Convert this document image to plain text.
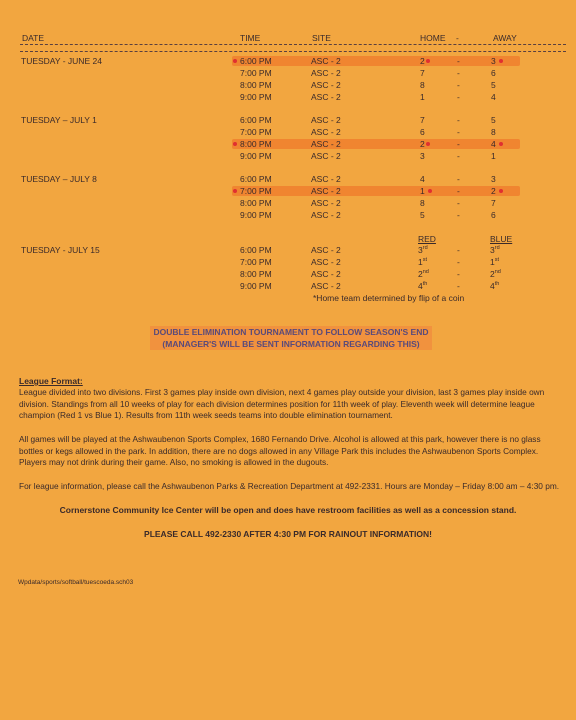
DATE	TIME	SITE	HOME -	AWAY
TUESDAY - JUNE 24	6:00 PM	ASC - 2	2	-	3
7:00 PM	ASC - 2	7	-	6
8:00 PM	ASC - 2	8	-	5
9:00 PM	ASC - 2	1	-	4
TUESDAY – JULY 1	6:00 PM	ASC - 2	7	-	5
7:00 PM	ASC - 2	6	-	8
8:00 PM	ASC - 2	2	-	4
9:00 PM	ASC - 2	3	-	1
TUESDAY – JULY 8	6:00 PM	ASC - 2	4	-	3
7:00 PM	ASC - 2	1	-	2
8:00 PM	ASC - 2	8	-	7
9:00 PM	ASC - 2	5	-	6
RED	BLUE
TUESDAY - JULY 15	6:00 PM	ASC - 2	3rd	-	3rd
7:00 PM	ASC - 2	1st	-	1st
8:00 PM	ASC - 2	2nd	-	2nd
9:00 PM	ASC - 2	4th	-	4th
*Home team determined by flip of a coin
DOUBLE ELIMINATION TOURNAMENT TO FOLLOW SEASON'S END
(MANAGER'S WILL BE SENT INFORMATION REGARDING THIS)
League Format:
League divided into two divisions. First 3 games play inside own division, next 4 games play outside your division, last 3 games play inside own division. Standings from all 10 weeks of play for each division determines position for 11th week of play. Eleventh week will determine league champion (Red 1 vs Blue 1). Results from 11th week seeds teams into double elimination tournament.
All games will be played at the Ashwaubenon Sports Complex, 1680 Fernando Drive. Alcohol is allowed at this park, however there is no glass bottles or kegs allowed in the park. In addition, there are no dogs allowed in any Village Park this includes the Ashwaubenon Sports Complex. Players may not drink during their game. Also, no smoking is allowed in the dugouts.
For league information, please call the Ashwaubenon Parks & Recreation Department at 492-2331. Hours are Monday – Friday 8:00 am – 4:30 pm.
Cornerstone Community Ice Center will be open and does have restroom facilities as well as a concession stand.
PLEASE CALL 492-2330 AFTER 4:30 PM FOR RAINOUT INFORMATION!
Wpdata/sports/softball/tuescoeda.sch03
